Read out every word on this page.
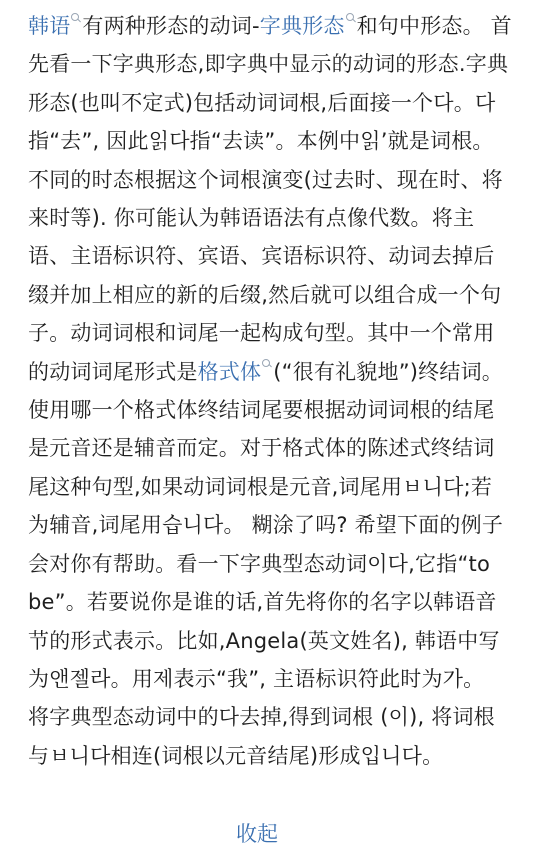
韩语 有两种形态的动词-字典形态 和句中形态。 首先看一下字典形态,即字典中显示的动词的形态.字典形态(也叫不定式)包括动词词根,后面接一个다。다指“去”, 因此읽다指“去读”。本例中읽’就是词根。不同的时态根据这个词根演变(过去时、现在时、将来时等). 你可能认为韩语语法有点像代数。将主语、主语标识符、宾语、宾语标识符、动词去掉后缀并加上相应的新的后缀,然后就可以组合成一个句子。动词词根和词尾一起构成句型。其中一个常用的动词词尾形式是格式体 (“很有礼貌地”)终结词。使用哪一个格式体终结词尾要根据动词词根的结尾是元音还是辅音而定。对于格式体的陈述式终结词尾这种句型,如果动词词根是元音,词尾用ㅂ니다;若为辅音,词尾用습니다。 糊涂了吗? 希望下面的例子会对你有帮助。看一下字典型态动词이다,它指“to be”。若要说你是谁的话,首先将你的名字以韩语音节的形式表示。比如,Angela(英文姓名), 韩语中写为앤젤라。用제表示“我”, 主语标识符此时为가。 将字典型态动词中的다去掉,得到词根 (이), 将词根与ㅂ니다相连(词根以元音结尾)形成입니다。

收起
